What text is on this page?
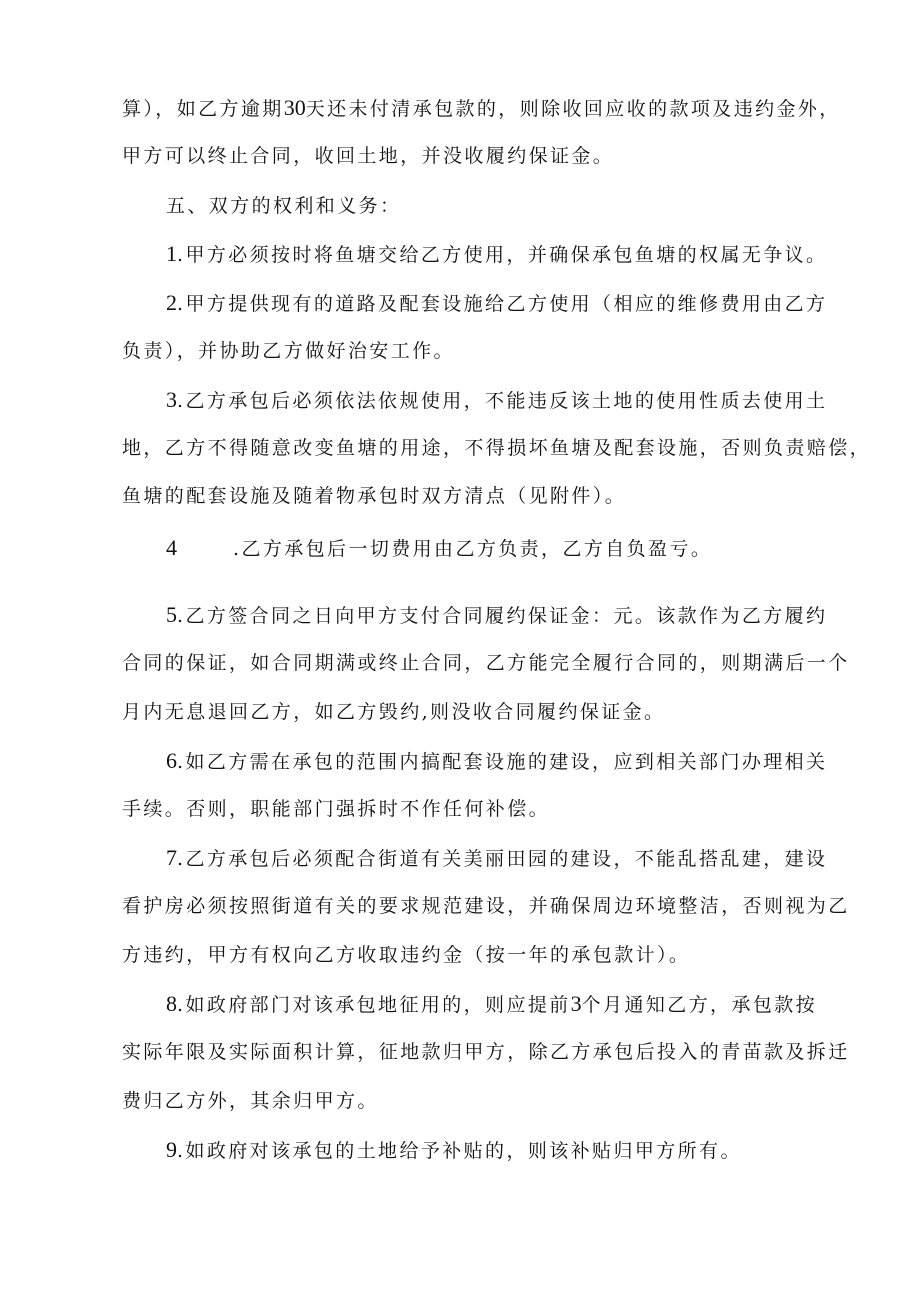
算），如乙方逾期30天还未付清承包款的，则除收回应收的款项及违约金外，
甲方可以终止合同，收回土地，并没收履约保证金。
五、双方的权利和义务：
1.甲方必须按时将鱼塘交给乙方使用，并确保承包鱼塘的权属无争议。
2.甲方提供现有的道路及配套设施给乙方使用（相应的维修费用由乙方
负责），并协助乙方做好治安工作。
3.乙方承包后必须依法依规使用，不能违反该土地的使用性质去使用土
地，乙方不得随意改变鱼塘的用途，不得损坏鱼塘及配套设施，否则负责赔偿，
鱼塘的配套设施及随着物承包时双方清点（见附件）。
4	.乙方承包后一切费用由乙方负责，乙方自负盈亏。
5.乙方签合同之日向甲方支付合同履约保证金：元。该款作为乙方履约
合同的保证，如合同期满或终止合同，乙方能完全履行合同的，则期满后一个
月内无息退回乙方，如乙方毁约,则没收合同履约保证金。
6.如乙方需在承包的范围内搞配套设施的建设，应到相关部门办理相关
手续。否则，职能部门强拆时不作任何补偿。
7.乙方承包后必须配合街道有关美丽田园的建设，不能乱搭乱建，建设
看护房必须按照街道有关的要求规范建设，并确保周边环境整洁，否则视为乙
方违约，甲方有权向乙方收取违约金（按一年的承包款计）。
8.如政府部门对该承包地征用的，则应提前3个月通知乙方，承包款按
实际年限及实际面积计算，征地款归甲方，除乙方承包后投入的青苗款及拆迁
费归乙方外，其余归甲方。
9.如政府对该承包的土地给予补贴的，则该补贴归甲方所有。
